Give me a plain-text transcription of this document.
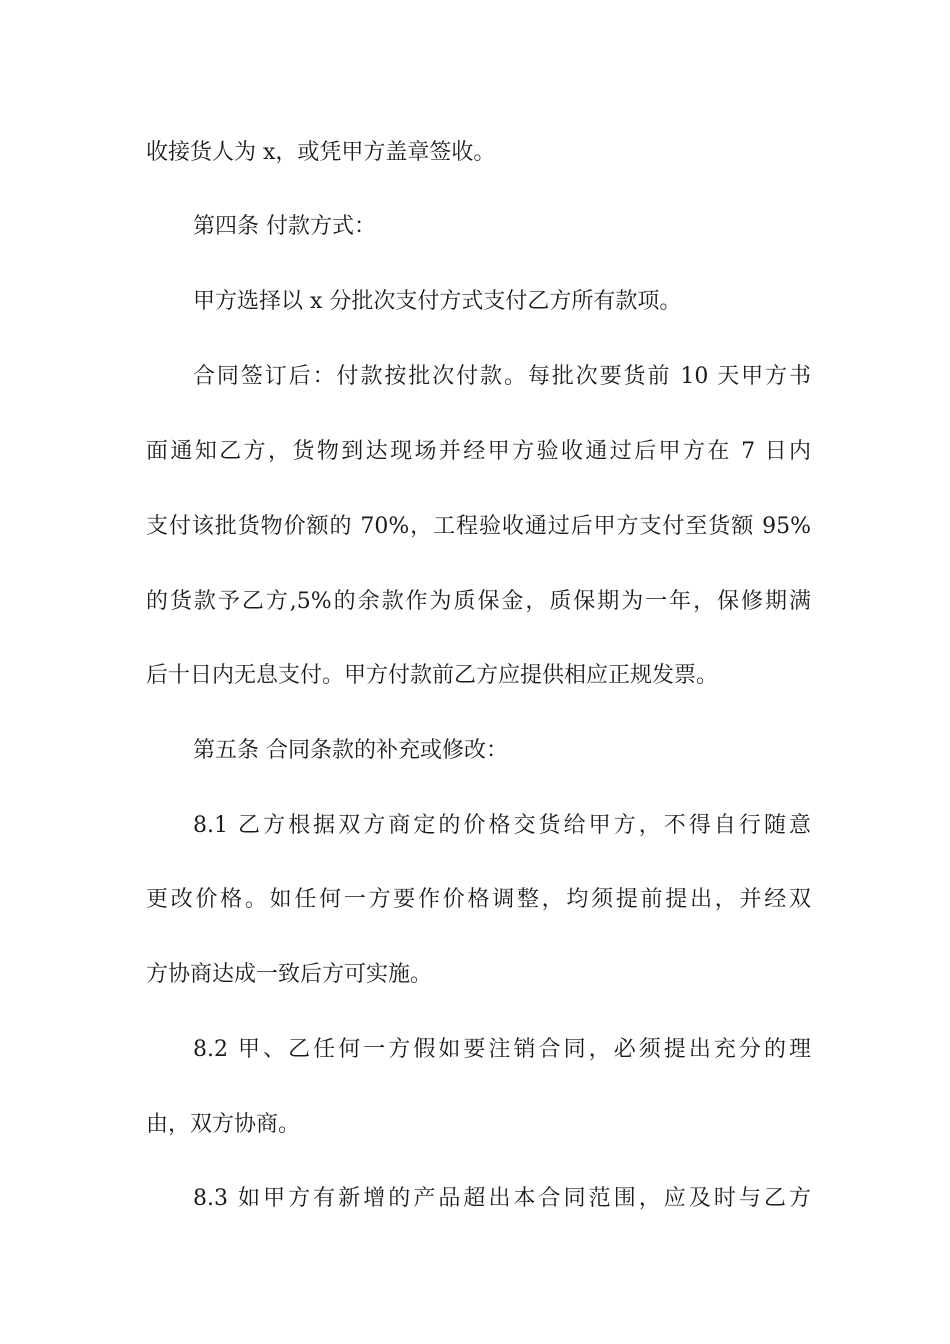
收接货人为 x，或凭甲方盖章签收。
第四条 付款方式：
甲方选择以 x 分批次支付方式支付乙方所有款项。
合同签订后：付款按批次付款。每批次要货前 10 天甲方书
面通知乙方，货物到达现场并经甲方验收通过后甲方在 7 日内
支付该批货物价额的 70%，工程验收通过后甲方支付至货额 95%
的货款予乙方,5%的余款作为质保金，质保期为一年，保修期满
后十日内无息支付。甲方付款前乙方应提供相应正规发票。
第五条 合同条款的补充或修改：
8.1 乙方根据双方商定的价格交货给甲方，不得自行随意
更改价格。如任何一方要作价格调整，均须提前提出，并经双
方协商达成一致后方可实施。
8.2 甲、乙任何一方假如要注销合同，必须提出充分的理
由，双方协商。
8.3 如甲方有新增的产品超出本合同范围，应及时与乙方
